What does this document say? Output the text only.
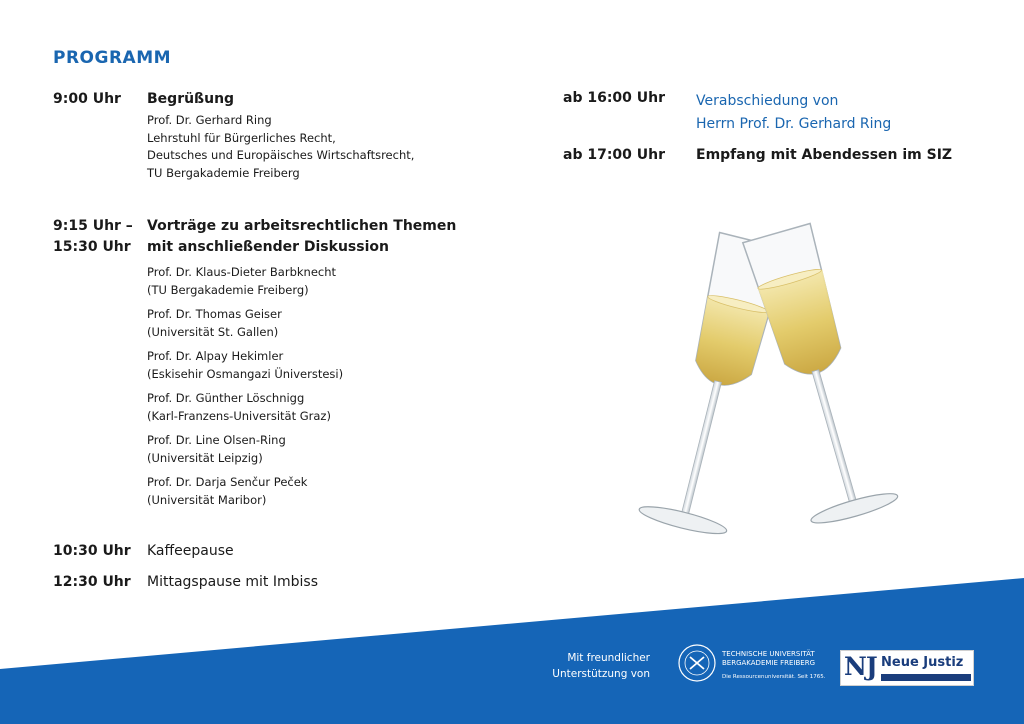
PROGRAMM
9:00 Uhr Begrüßung
Prof. Dr. Gerhard Ring
Lehrstuhl für Bürgerliches Recht,
Deutsches und Europäisches Wirtschaftsrecht,
TU Bergakademie Freiberg
9:15 Uhr –
15:30 Uhr
Vorträge zu arbeitsrechtlichen Themen
mit anschließender Diskussion
Prof. Dr. Klaus-Dieter Barbknecht
(TU Bergakademie Freiberg)
Prof. Dr. Thomas Geiser
(Universität St. Gallen)
Prof. Dr. Alpay Hekimler
(Eskisehir Osmangazi Üniverstesi)
Prof. Dr. Günther Löschnigg
(Karl-Franzens-Universität Graz)
Prof. Dr. Line Olsen-Ring
(Universität Leipzig)
Prof. Dr. Darja Senčur Peček
(Universität Maribor)
10:30 Uhr Kaffeepause
12:30 Uhr Mittagspause mit Imbiss
ab 16:00 Uhr Verabschiedung von
Herrn Prof. Dr. Gerhard Ring
ab 17:00 Uhr Empfang mit Abendessen im SIZ
Mit freundlicher
Unterstützung von
TECHNISCHE UNIVERSITÄT
BERGAKADEMIE FREIBERG
Die Ressourcenuniversität. Seit 1765. NJ Neue Justiz
